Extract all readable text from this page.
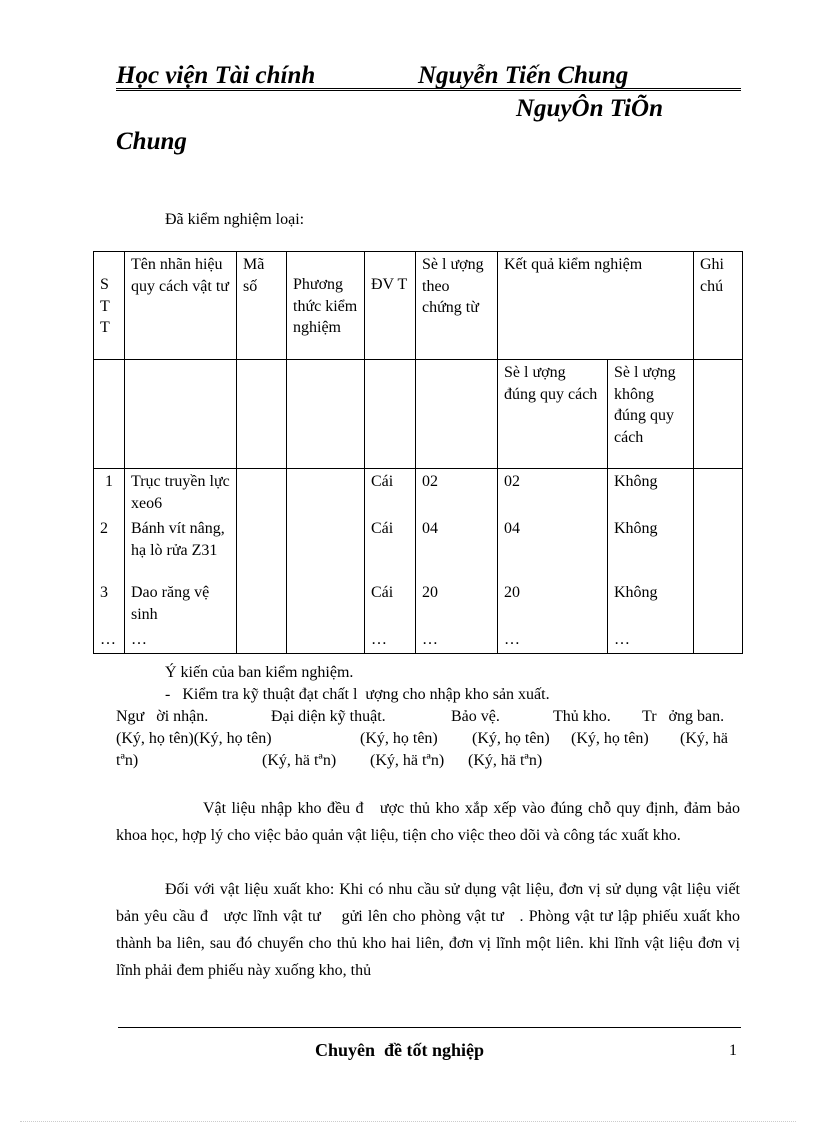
Học viện Tài chính	Nguyễn Tiến Chung
NguyÔn TiÕn
Chung
Đã kiểm nghiệm loại:
S
T
T	Tên nhãn hiệu quy cách vật tư	Mã số	Phương thức kiểm nghiệm	ĐV T	Sè l ượng theo chứng từ	Kết quả kiểm nghiệm		Ghi chú
						Sè l ượng đúng quy cách	Sè l ượng không đúng quy cách	
1	Trục truyền lực xeo6			Cái	02	02	Không	
2	Bánh vít nâng, hạ lò rửa Z31			Cái	04	04	Không	
3	Dao răng vệ sinh			Cái	20	20	Không	
…	…			…	…	…	…	
Ý kiến của ban kiểm nghiệm.
-   Kiểm tra kỹ thuật đạt chất l  ượng cho nhập kho sản xuất.
Ngư   ời nhận.	Đại diện kỹ thuật.	Bảo vệ.	Thủ kho. Tr   ởng ban.
(Ký, họ tên)(Ký, họ tên)	(Ký, họ tên) (Ký, họ tên) (Ký, họ tên) (Ký, hä
tªn)	(Ký, hä tªn) (Ký, hä tªn) (Ký, hä tªn)
Vật liệu nhập kho đều đ   ược thủ kho xắp xếp vào đúng chỗ quy định, đảm bảo khoa học, hợp lý cho việc bảo quản vật liệu, tiện cho việc theo dõi và công tác xuất kho.
Đối với vật liệu xuất kho: Khi có nhu cầu sử dụng vật liệu, đơn vị sử dụng vật liệu viết bản yêu cầu đ   ược lĩnh vật tư    gửi lên cho phòng vật tư   . Phòng vật tư lập phiếu xuất kho thành ba liên, sau đó chuyển cho thủ kho hai liên, đơn vị lĩnh một liên. khi lĩnh vật liệu đơn vị lĩnh phải đem phiếu này xuống kho, thủ
Chuyên  đề tốt nghiệp	1
